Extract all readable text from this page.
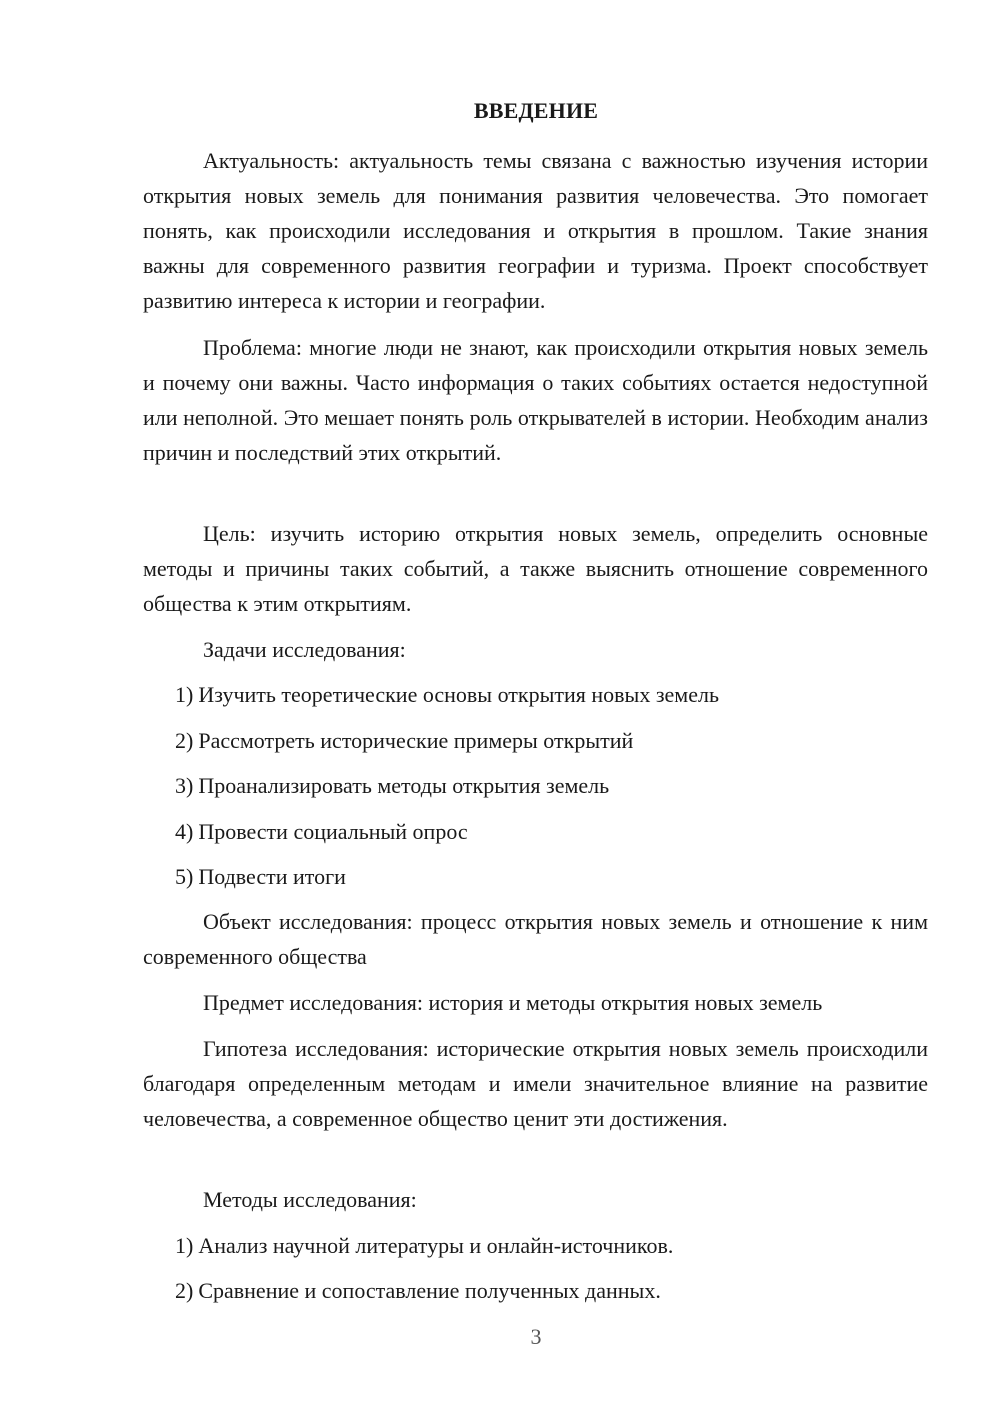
ВВЕДЕНИЕ

Актуальность: актуальность темы связана с важностью изучения истории открытия новых земель для понимания развития человечества. Это помогает понять, как происходили исследования и открытия в прошлом. Такие знания важны для современного развития географии и туризма. Проект способствует развитию интереса к истории и географии.

Проблема: многие люди не знают, как происходили открытия новых земель и почему они важны. Часто информация о таких событиях остается недоступной или неполной. Это мешает понять роль открывателей в истории. Необходим анализ причин и последствий этих открытий.

Цель: изучить историю открытия новых земель, определить основные методы и причины таких событий, а также выяснить отношение современного общества к этим открытиям.

Задачи исследования:

1) Изучить теоретические основы открытия новых земель
2) Рассмотреть исторические примеры открытий
3) Проанализировать методы открытия земель
4) Провести социальный опрос
5) Подвести итоги

Объект исследования: процесс открытия новых земель и отношение к ним современного общества

Предмет исследования: история и методы открытия новых земель

Гипотеза исследования: исторические открытия новых земель происходили благодаря определенным методам и имели значительное влияние на развитие человечества, а современное общество ценит эти достижения.

Методы исследования:

1) Анализ научной литературы и онлайн-источников.
2) Сравнение и сопоставление полученных данных.
3
